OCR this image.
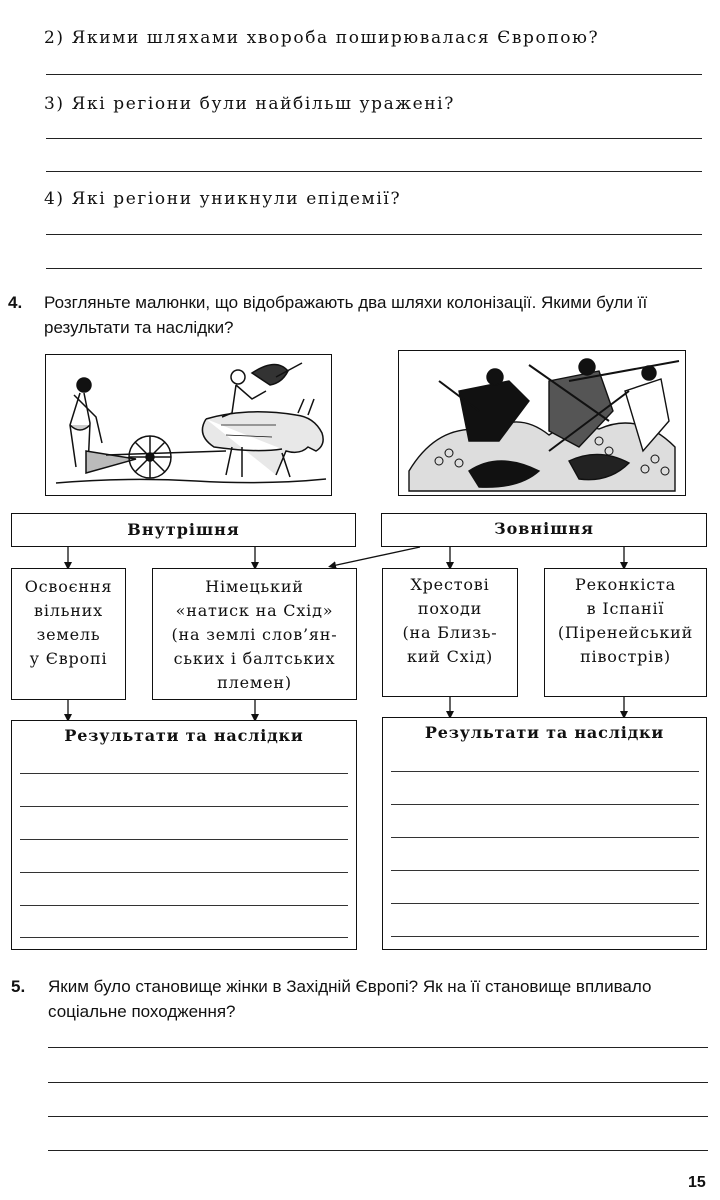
2) Якими шляхами хвороба поширювалася Європою?
3) Які регіони були найбільш уражені?
4) Які регіони уникнули епідемії?
4. Розгляньте малюнки, що відображають два шляхи колонізації. Якими були її результати та наслідки?
Внутрішня	Зовнішня
Освоєння
вільних
земель
у Європі
Німецький
«натиск на Схід»
(на землі слов’ян-
ських і балтських
племен)
Хрестові
походи
(на Близь-
кий Схід)
Реконкіста
в Іспанії
(Піренейський
півострів)
Результати та наслідки	Результати та наслідки
5. Яким було становище жінки в Західній Європі? Як на її становище впливало соціальне походження?
15
